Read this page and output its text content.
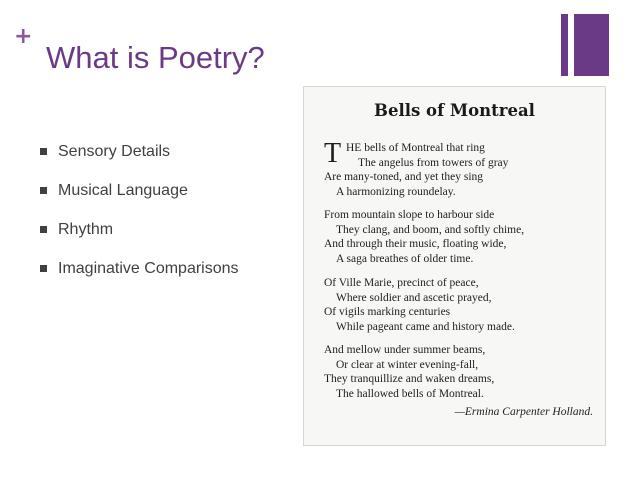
+
What is Poetry?
Sensory Details
Musical Language
Rhythm
Imaginative Comparisons
Bells of Montreal
T HE bells of Montreal that ring
The angelus from towers of gray
Are many-toned, and yet they sing
A harmonizing roundelay.
From mountain slope to harbour side
They clang, and boom, and softly chime,
And through their music, floating wide,
A saga breathes of older time.
Of Ville Marie, precinct of peace,
Where soldier and ascetic prayed,
Of vigils marking centuries
While pageant came and history made.
And mellow under summer beams,
Or clear at winter evening-fall,
They tranquillize and waken dreams,
The hallowed bells of Montreal.
—Ermina Carpenter Holland.
